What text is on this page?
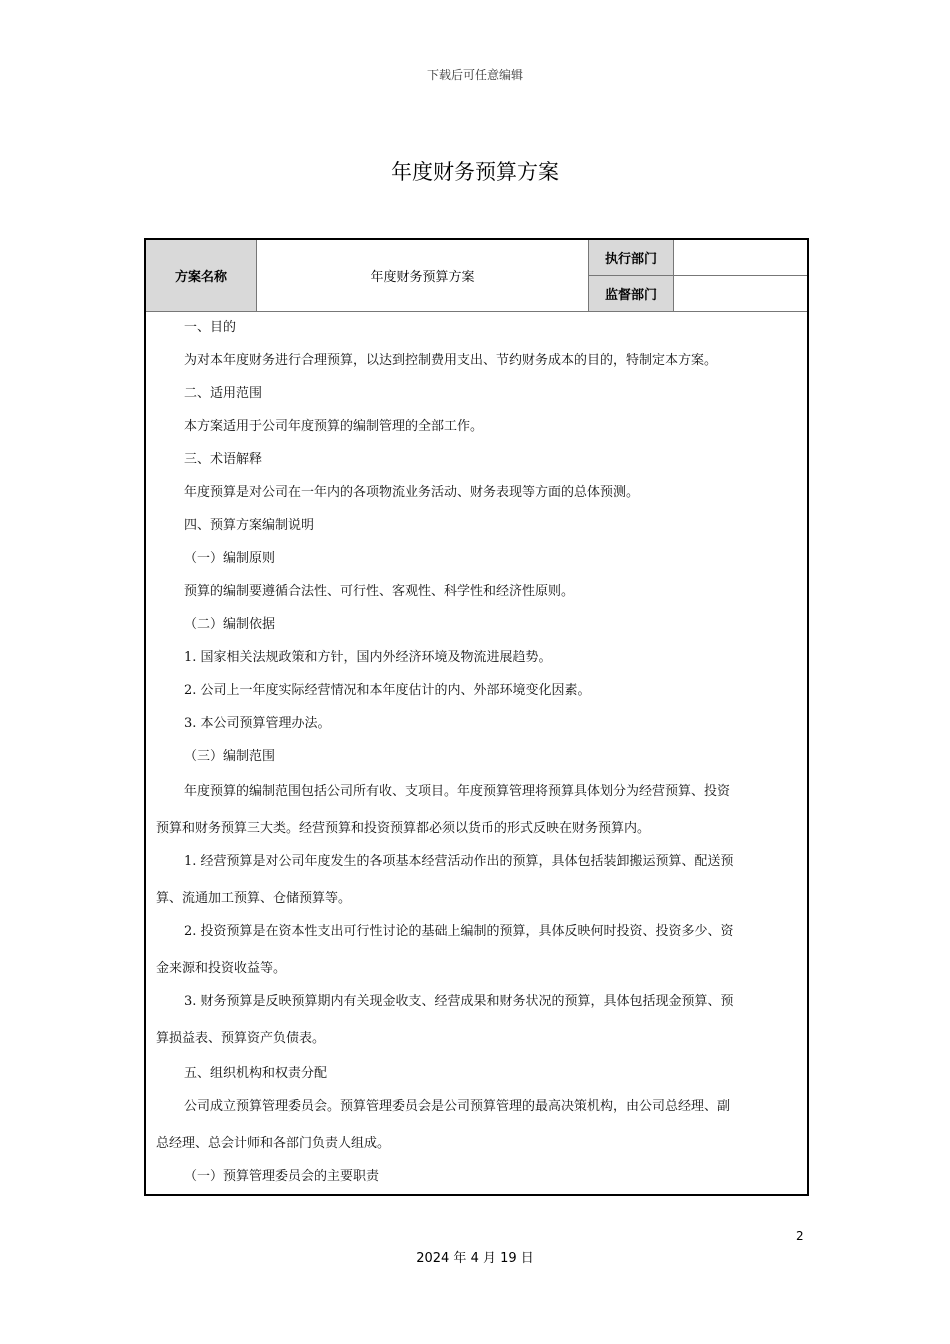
下载后可任意编辑
年度财务预算方案
方案名称	年度财务预算方案
执行部门
监督部门
一、目的
为对本年度财务进行合理预算，以达到控制费用支出、节约财务成本的目的，特制定本方案。
二、适用范围
本方案适用于公司年度预算的编制管理的全部工作。
三、术语解释
年度预算是对公司在一年内的各项物流业务活动、财务表现等方面的总体预测。
四、预算方案编制说明
（一）编制原则
预算的编制要遵循合法性、可行性、客观性、科学性和经济性原则。
（二）编制依据
1. 国家相关法规政策和方针，国内外经济环境及物流进展趋势。
2. 公司上一年度实际经营情况和本年度估计的内、外部环境变化因素。
3. 本公司预算管理办法。
（三）编制范围
年度预算的编制范围包括公司所有收、支项目。年度预算管理将预算具体划分为经营预算、投资
预算和财务预算三大类。经营预算和投资预算都必须以货币的形式反映在财务预算内。
1. 经营预算是对公司年度发生的各项基本经营活动作出的预算，具体包括装卸搬运预算、配送预
算、流通加工预算、仓储预算等。
2. 投资预算是在资本性支出可行性讨论的基础上编制的预算，具体反映何时投资、投资多少、资
金来源和投资收益等。
3. 财务预算是反映预算期内有关现金收支、经营成果和财务状况的预算，具体包括现金预算、预
算损益表、预算资产负债表。
五、组织机构和权责分配
公司成立预算管理委员会。预算管理委员会是公司预算管理的最高决策机构，由公司总经理、副
总经理、总会计师和各部门负责人组成。
（一）预算管理委员会的主要职责
2
2024 年 4 月 19 日
